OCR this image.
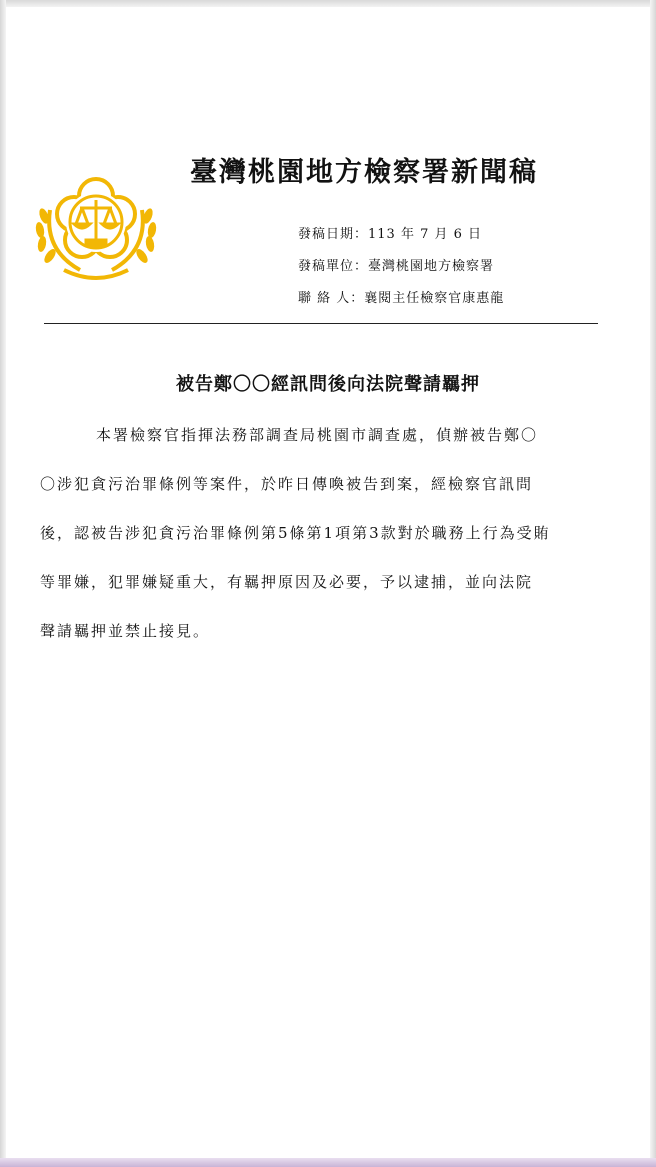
臺灣桃園地方檢察署新聞稿
發稿日期：113 年 7 月 6 日
發稿單位：臺灣桃園地方檢察署
聯 絡 人：襄閱主任檢察官康惠龍
被告鄭〇〇經訊問後向法院聲請羈押
本署檢察官指揮法務部調查局桃園市調查處，偵辦被告鄭〇
〇涉犯貪污治罪條例等案件，於昨日傳喚被告到案，經檢察官訊問
後，認被告涉犯貪污治罪條例第5條第1項第3款對於職務上行為受賄
等罪嫌，犯罪嫌疑重大，有羈押原因及必要，予以逮捕，並向法院
聲請羈押並禁止接見。
